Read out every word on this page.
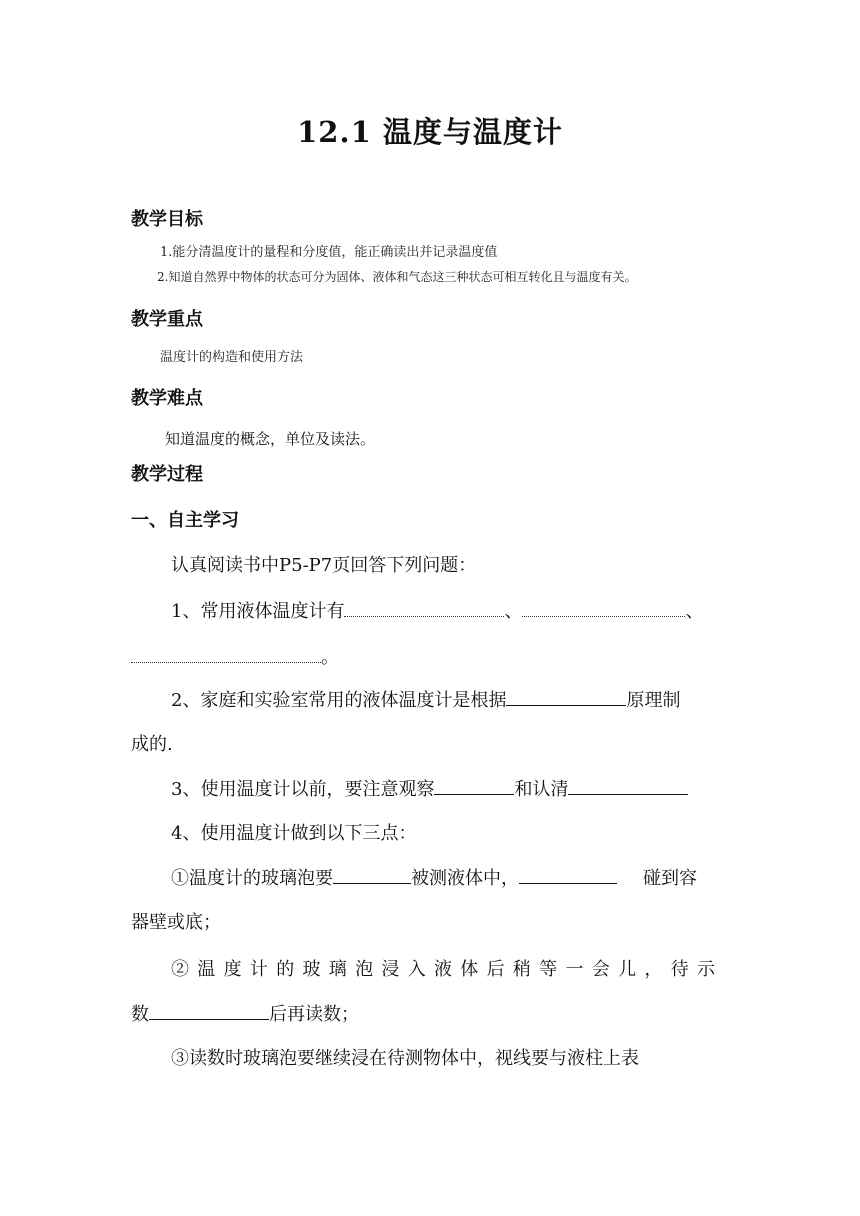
12.1 温度与温度计
教学目标
1.能分清温度计的量程和分度值，能正确读出并记录温度值
2.知道自然界中物体的状态可分为固体、液体和气态这三种状态可相互转化且与温度有关。
教学重点
温度计的构造和使用方法
教学难点
知道温度的概念，单位及读法。
教学过程
一、自主学习
认真阅读书中P5-P7页回答下列问题：
1、常用液体温度计有	、	、
。
2、家庭和实验室常用的液体温度计是根据	原理制
成的.
3、使用温度计以前，要注意观察	和认清
4、使用温度计做到以下三点：
①温度计的玻璃泡要	被测液体中，	碰到容
器壁或底；
②温度计的玻璃泡浸入液体后稍等一会儿，待示
数	后再读数；
③读数时玻璃泡要继续浸在待测物体中，视线要与液柱上表
